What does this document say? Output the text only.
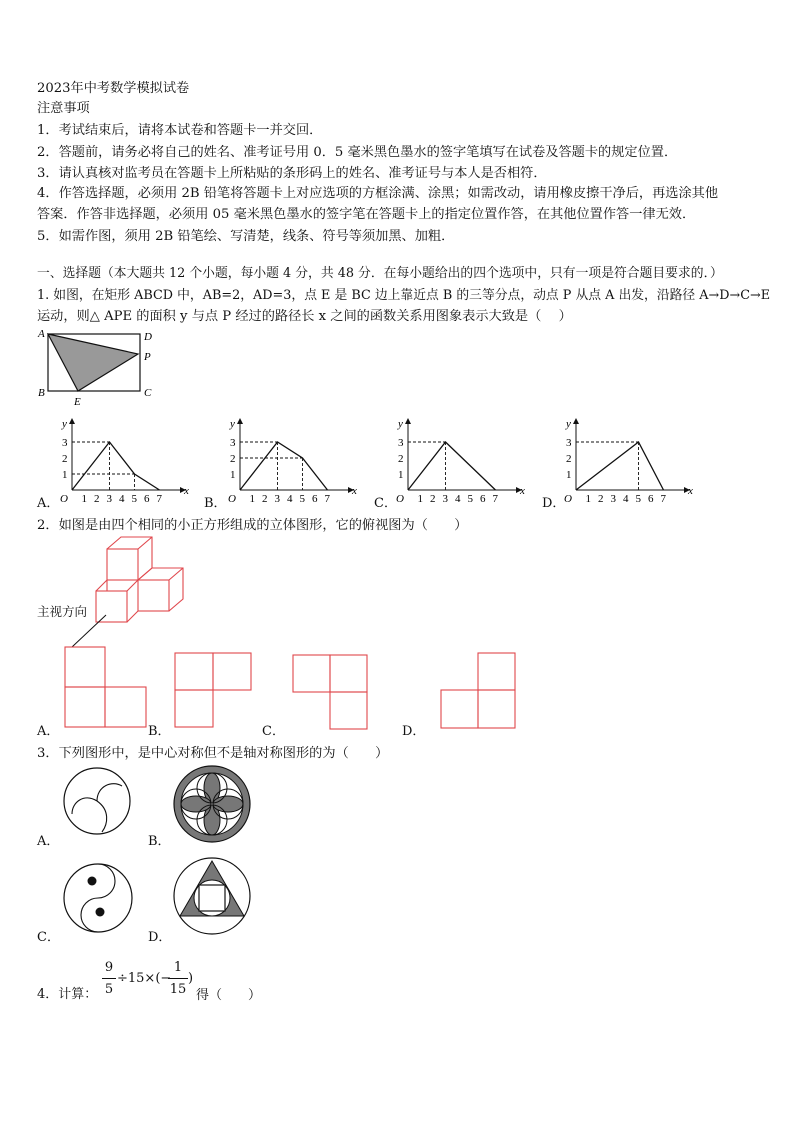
2023年中考数学模拟试卷
注意事项
1．考试结束后，请将本试卷和答题卡一并交回．
2．答题前，请务必将自己的姓名、准考证号用 0．5 毫米黑色墨水的签字笔填写在试卷及答题卡的规定位置．
3．请认真核对监考员在答题卡上所粘贴的条形码上的姓名、准考证号与本人是否相符．
4．作答选择题，必须用 2B 铅笔将答题卡上对应选项的方框涂满、涂黑；如需改动，请用橡皮擦干净后，再选涂其他
答案．作答非选择题，必须用 05 毫米黑色墨水的签字笔在答题卡上的指定位置作答，在其他位置作答一律无效．
5．如需作图，须用 2B 铅笔绘、写清楚，线条、符号等须加黑、加粗．
一、选择题（本大题共 12 个小题，每小题 4 分，共 48 分．在每小题给出的四个选项中，只有一项是符合题目要求的．）
1. 如图，在矩形 ABCD 中，AB=2，AD=3，点 E 是 BC 边上靠近点 B 的三等分点，动点 P 从点 A 出发，沿路径 A→D→C→E
运动，则△ APE 的面积 y 与点 P 经过的路径长 x 之间的函数关系用图象表示大致是（　 ）
A	D
P
C
B
E
A．	B．	C．	D．
y
x
O
1
2
3
1 2 3 4 5 6 7
y
x
O
1
2
3
1 2 3 4 5 6 7
y
x
O
1
2
3
1 2 3 4 5 6 7
y
x
O
1
2
3
1 2 3 4 5 6 7
2．如图是由四个相同的小正方形组成的立体图形，它的俯视图为（　　）
主视方向
A．	B．	C．	D．
3．下列图形中，是中心对称但不是轴对称图形的为（　　）
A．	B．
C．	D．
4．计算：
9
5
÷15×(−
1
15
)
得（　　）
